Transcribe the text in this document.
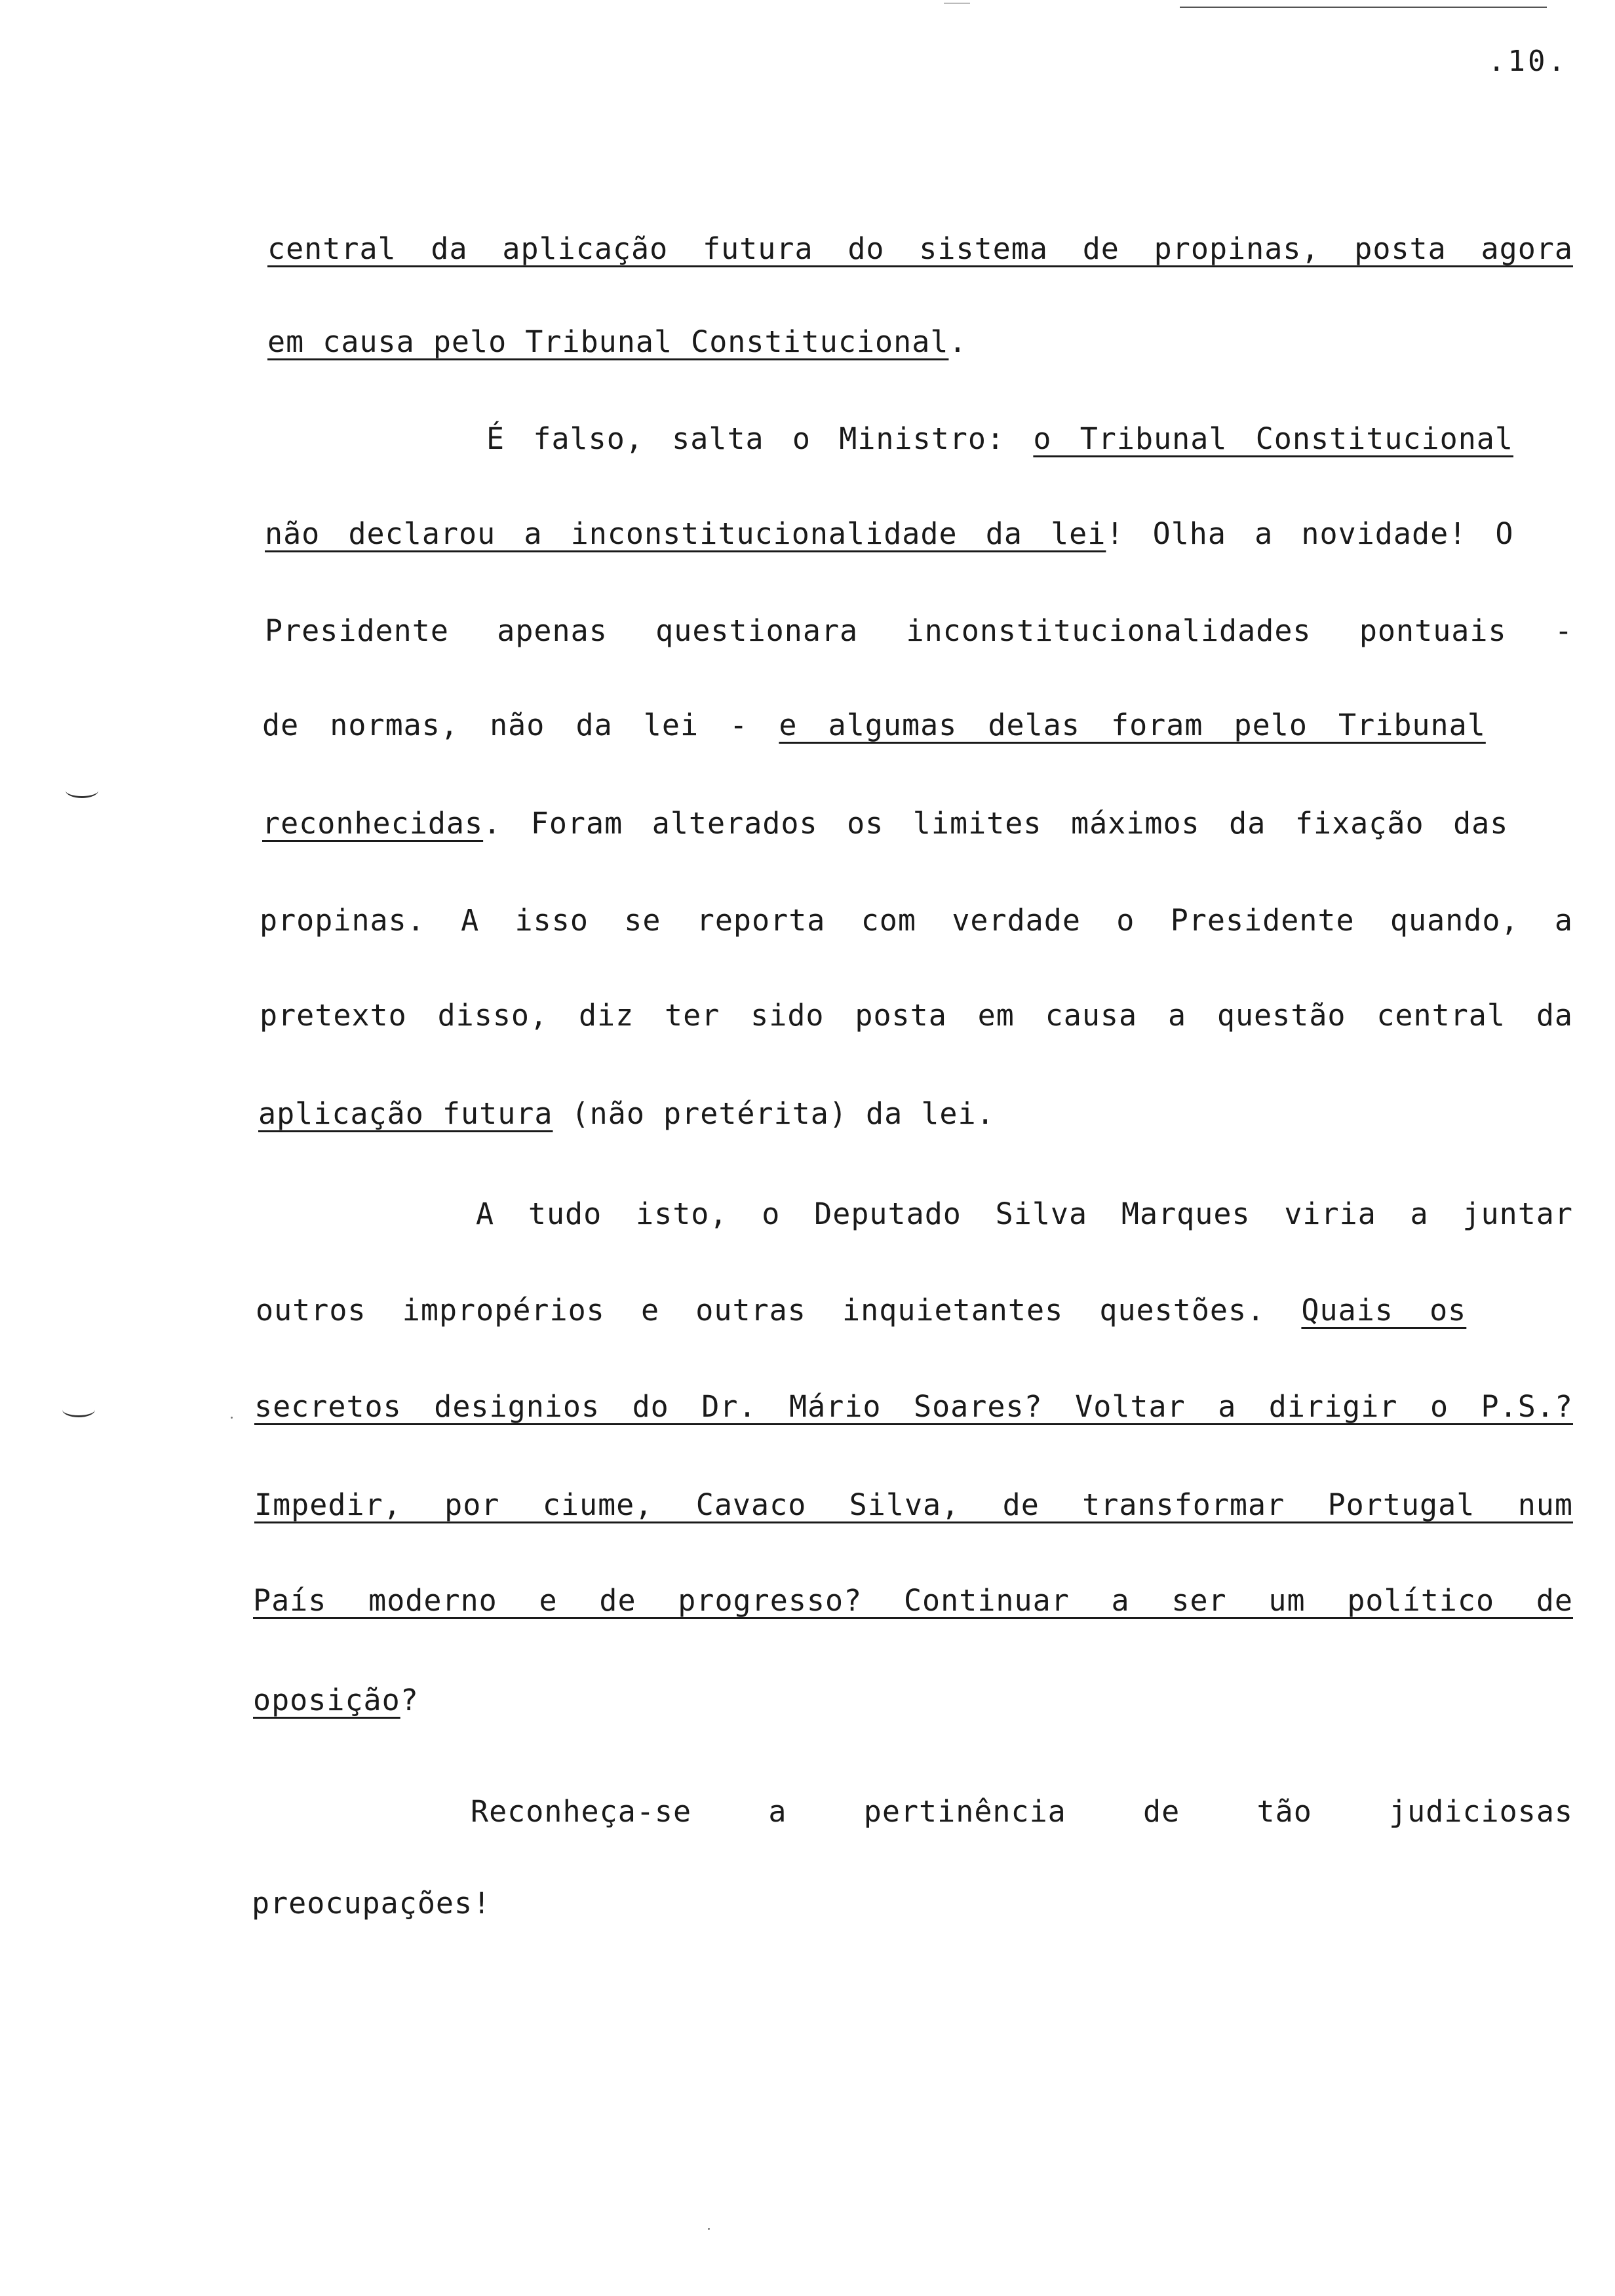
.10.
central da aplicação futura do sistema de propinas, posta agora
em causa pelo Tribunal Constitucional.
É falso, salta o Ministro: o Tribunal Constitucional
não declarou a inconstitucionalidade da lei! Olha a novidade! O
Presidente apenas questionara inconstitucionalidades pontuais -
de normas, não da lei - e algumas delas foram pelo Tribunal
reconhecidas. Foram alterados os limites máximos da fixação das
propinas. A isso se reporta com verdade o Presidente quando, a
pretexto disso, diz ter sido posta em causa a questão central da
aplicação futura (não pretérita) da lei.
A tudo isto, o Deputado Silva Marques viria a juntar
outros impropérios e outras inquietantes questões. Quais os
secretos designios do Dr. Mário Soares? Voltar a dirigir o P.S.?
Impedir, por ciume, Cavaco Silva, de transformar Portugal num
País moderno e de progresso? Continuar a ser um político de
oposição?
Reconheça-se a pertinência de tão judiciosas
preocupações!
